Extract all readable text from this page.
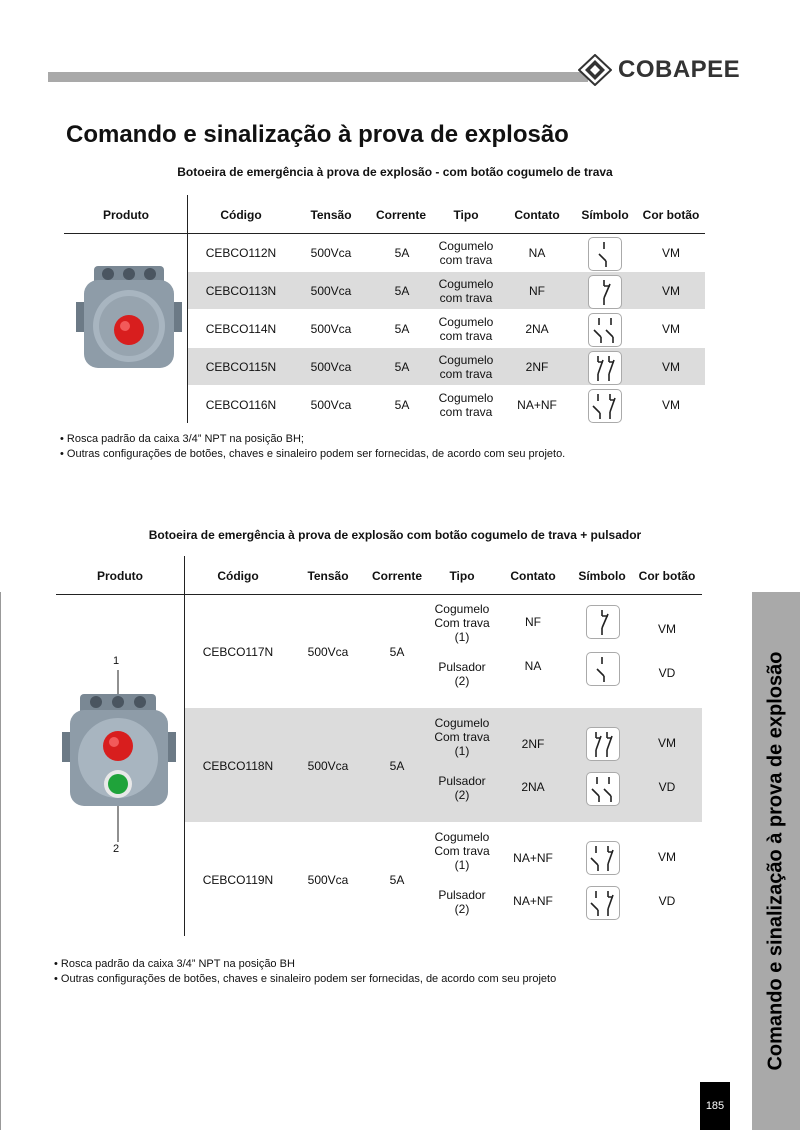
COBAPEE
Comando e sinalização à prova de explosão
Botoeira de emergência à prova de explosão - com botão cogumelo de trava
Produto	Código	Tensão	Corrente	Tipo	Contato	Símbolo	Cor botão
CEBCO112N	500Vca	5A	Cogumelo
com trava	NA	VM
CEBCO113N	500Vca	5A	Cogumelo
com trava	NF	VM
CEBCO114N	500Vca	5A	Cogumelo
com trava	2NA	VM
CEBCO115N	500Vca	5A	Cogumelo
com trava	2NF	VM
CEBCO116N	500Vca	5A	Cogumelo
com trava	NA+NF	VM
• Rosca padrão da caixa 3/4” NPT na posição BH;
• Outras configurações de botões, chaves e sinaleiro podem ser fornecidas, de acordo com seu projeto.
Botoeira de emergência à prova de explosão com botão cogumelo de trava + pulsador
Produto	Código	Tensão	Corrente	Tipo	Contato	Símbolo	Cor botão
1
2
CEBCO117N	500Vca	5A
Cogumelo
Com trava
(1)
NF	VM
Pulsador
(2)
NA	VD
CEBCO118N	500Vca	5A
Cogumelo
Com trava
(1)	2NF	VM
Pulsador
(2)
2NA	VD
CEBCO119N	500Vca	5A
Cogumelo
Com trava
(1)	NA+NF	VM
Pulsador
(2)
NA+NF	VD
• Rosca padrão da caixa 3/4” NPT na posição BH
• Outras configurações de botões, chaves e sinaleiro podem ser fornecidas, de acordo com seu projeto	Comando e sinalização à prova de explosão
185
